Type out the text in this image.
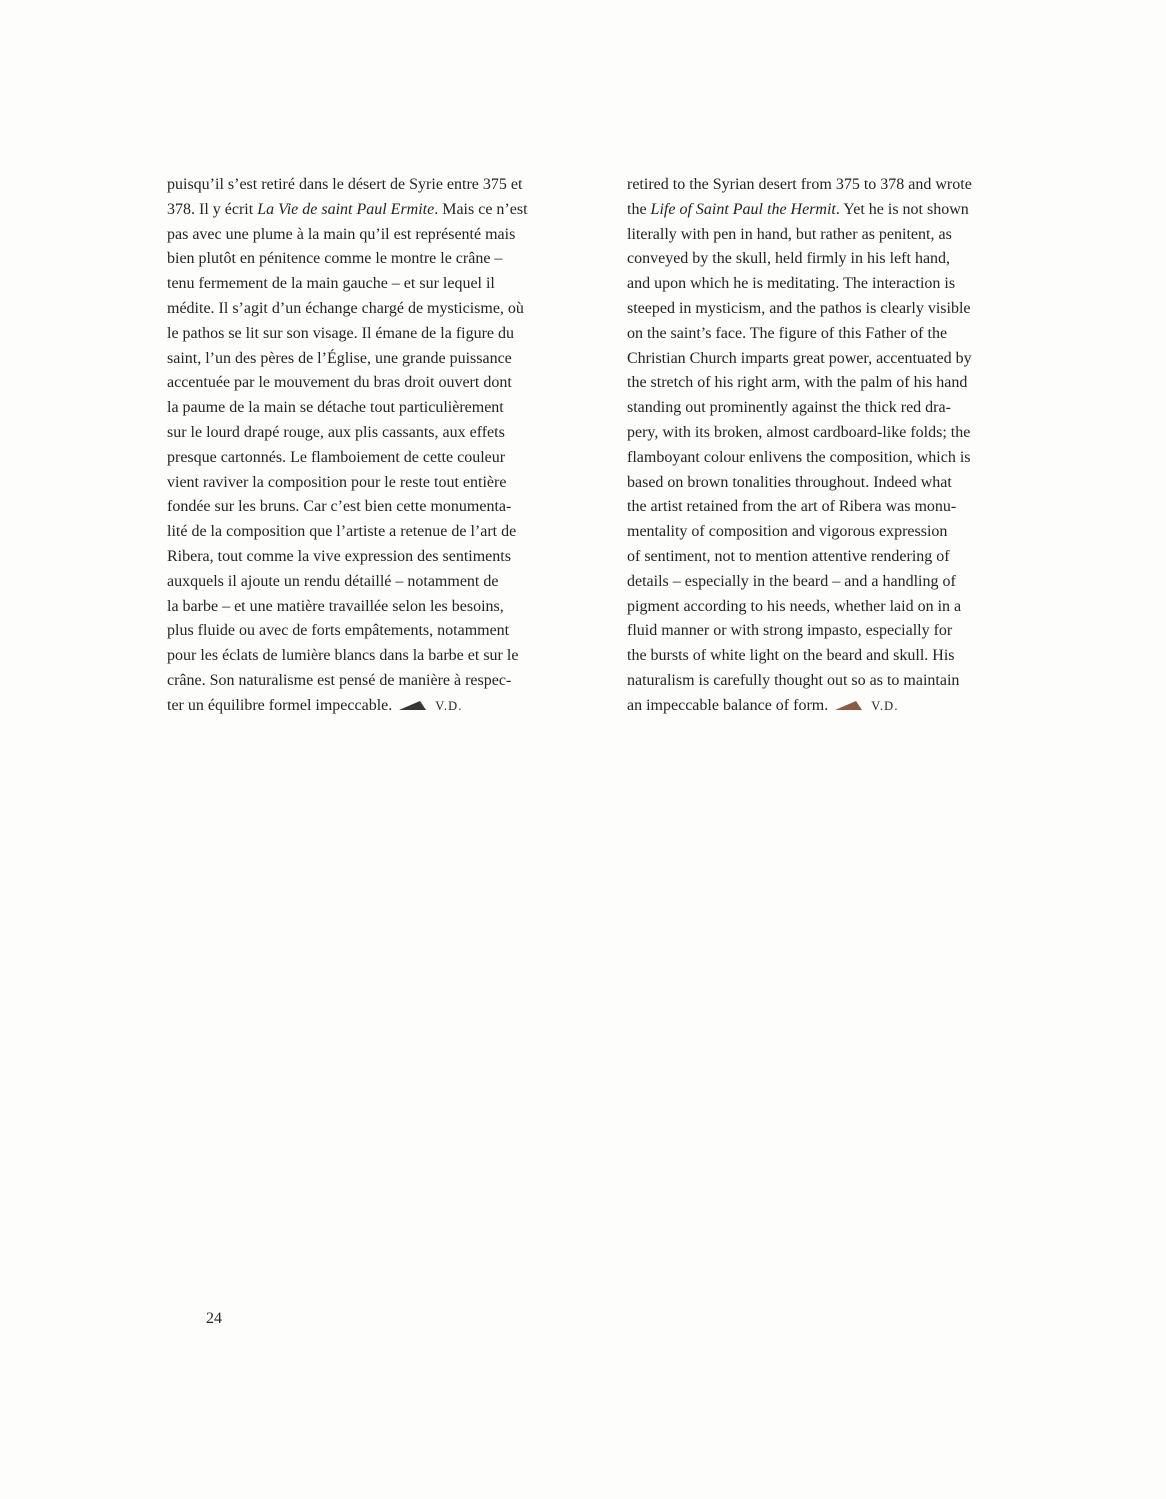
puisqu’il s’est retiré dans le désert de Syrie entre 375 et
378. Il y écrit La Vie de saint Paul Ermite. Mais ce n’est
pas avec une plume à la main qu’il est représenté mais
bien plutôt en pénitence comme le montre le crâne –
tenu fermement de la main gauche – et sur lequel il
médite. Il s’agit d’un échange chargé de mysticisme, où
le pathos se lit sur son visage. Il émane de la figure du
saint, l’un des pères de l’Église, une grande puissance
accentuée par le mouvement du bras droit ouvert dont
la paume de la main se détache tout particulièrement
sur le lourd drapé rouge, aux plis cassants, aux effets
presque cartonnés. Le flamboiement de cette couleur
vient raviver la composition pour le reste tout entière
fondée sur les bruns. Car c’est bien cette monumenta-
lité de la composition que l’artiste a retenue de l’art de
Ribera, tout comme la vive expression des sentiments
auxquels il ajoute un rendu détaillé – notamment de
la barbe – et une matière travaillée selon les besoins,
plus fluide ou avec de forts empâtements, notamment
pour les éclats de lumière blancs dans la barbe et sur le
crâne. Son naturalisme est pensé de manière à respec-
ter un équilibre formel impeccable.	V.D.
retired to the Syrian desert from 375 to 378 and wrote
the Life of Saint Paul the Hermit. Yet he is not shown
literally with pen in hand, but rather as penitent, as
conveyed by the skull, held firmly in his left hand,
and upon which he is meditating. The interaction is
steeped in mysticism, and the pathos is clearly visible
on the saint’s face. The figure of this Father of the
Christian Church imparts great power, accentuated by
the stretch of his right arm, with the palm of his hand
standing out prominently against the thick red dra-
pery, with its broken, almost cardboard-like folds; the
flamboyant colour enlivens the composition, which is
based on brown tonalities throughout. Indeed what
the artist retained from the art of Ribera was monu-
mentality of composition and vigorous expression
of sentiment, not to mention attentive rendering of
details – especially in the beard – and a handling of
pigment according to his needs, whether laid on in a
fluid manner or with strong impasto, especially for
the bursts of white light on the beard and skull. His
naturalism is carefully thought out so as to maintain
an impeccable balance of form.	V.D.
24
